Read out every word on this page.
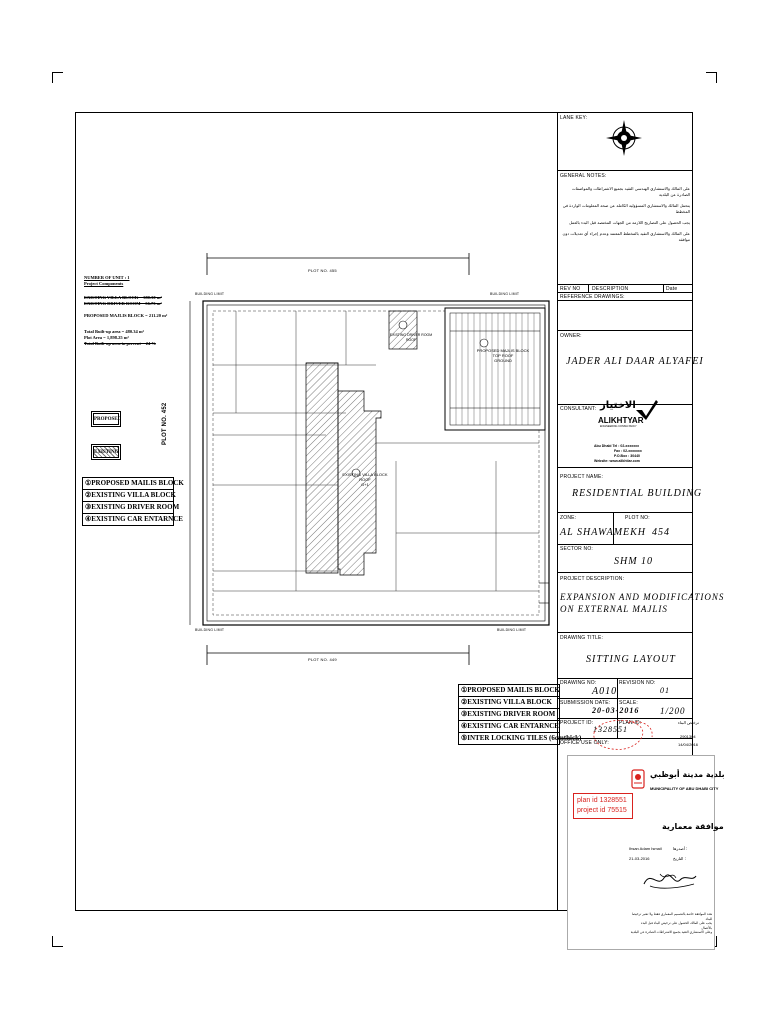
PLOT NO. 455
PLOT NO. 449
PLOT NO. 452
BUILDING LIMIT	BUILDING LIMIT
BUILDING LIMIT	BUILDING LIMIT
PROPOSED MAJLIS BLOCK
TOP ROOF
GROUND
EXISTING VILLA BLOCK
ROOF
G+1
EXISTING DRIVER ROOM
ROOF
NUMBER OF UNIT : 1
Project Components
EXISTING VILLA BLOCK = 380.30 m²
EXISTING DRIVER ROOM = 56.73 m²
PROPOSED MAJLIS BLOCK = 211.20 m²
Total Built-up area = 480.34 m²
Plot Area = 1,898.25 m²
Total Built-up area in percent = 24 %
PROPOSED
EXISTING
①PROPOSED MAILIS BLOCK
②EXISTING VILLA BLOCK
③EXISTING DRIVER ROOM
④EXISTING CAR ENTARNCE
①PROPOSED MAILIS BLOCK
②EXISTING VILLA BLOCK
③EXISTING DRIVER ROOM
④EXISTING CAR ENTARNCE
⑤INTER LOCKING TILES (6cmthick)
LANE KEY:
GENERAL NOTES:
على المالك والاستشاري الهندسي التقيد بجميع الاشتراطات والمواصفات الصادرة عن البلدية
يتحمل المالك والاستشاري المسؤولية الكاملة عن صحة المعلومات الواردة في المخطط
يجب الحصول على التصاريح اللازمة من الجهات المختصة قبل البدء بالعمل
على المالك والاستشاري التقيد بالمخطط المعتمد وعدم إجراء أي تعديلات دون موافقة
REV NO DESCRIPTION	Date
REFERENCE DRAWINGS:
OWNER:
JADER ALI DAAR ALYAFEI
CONSULTANT: الاختيار
ALIKHTYAR
ENGINEERING CONSULTANCY
Abu Dhabi Tel : 02-xxxxxxx
Fax : 02-xxxxxxx
P.O.Box : 30440
Website: www.alikhtiar.com
PROJECT NAME:
RESIDENTIAL BUILDING
ZONE:
AL SHAWAMEKH
PLOT NO:
454
SECTOR NO:
SHM 10
PROJECT DESCRIPTION:
EXPANSION AND MODIFICATIONS
ON EXTERNAL MAJLIS
DRAWING TITLE:
SITTING LAYOUT
DRAWING NO:
A010
REVISION NO:
01
SUBMISSION DATE:
20-03-2016
SCALE:
1/200
PROJECT ID:
1328551
PLAN ID:
OFFICE USE ONLY:
ترخيص البناء
2901304
14/04/2016
بلدية مدينة أبوظبي
MUNICIPALITY OF ABU DHABI CITY
plan id 1328551
project id 75515
موافقة معمارية
أصدرها :
التاريخ :
Ihsan Adam Ismail
21-03-2016
هذه الموافقة خاصة بالتصميم المعماري فقط ولا تعتبر ترخيصا للبناء
يجب على المالك الحصول على ترخيص البناء قبل البدء بالأعمال
وعلى الاستشاري التقيد بجميع الاشتراطات الصادرة عن البلدية
